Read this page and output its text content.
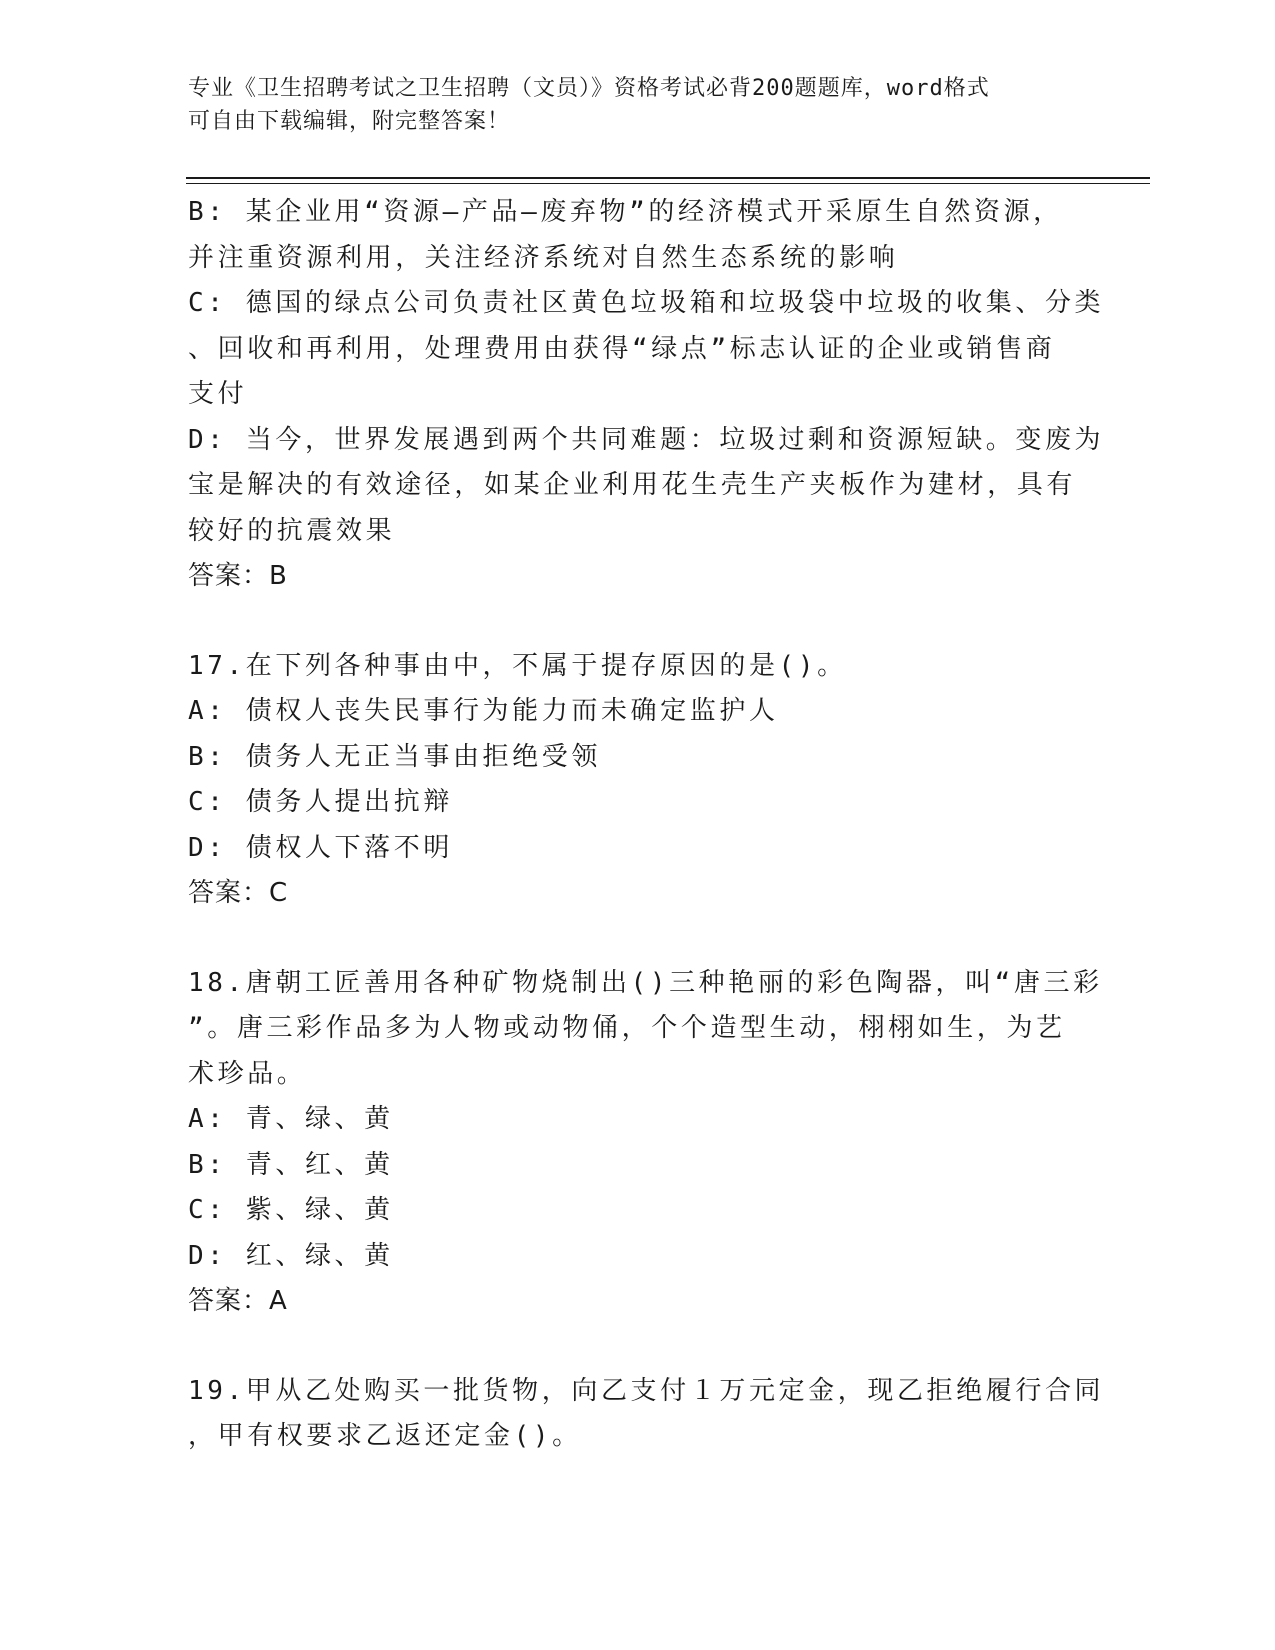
专业《卫生招聘考试之卫生招聘（文员）》资格考试必背200题题库，word格式
可自由下载编辑，附完整答案！
B: 某企业用“资源—产品—废弃物”的经济模式开采原生自然资源，
并注重资源利用，关注经济系统对自然生态系统的影响
C: 德国的绿点公司负责社区黄色垃圾箱和垃圾袋中垃圾的收集、分类
、回收和再利用，处理费用由获得“绿点”标志认证的企业或销售商
支付
D: 当今，世界发展遇到两个共同难题：垃圾过剩和资源短缺。变废为
宝是解决的有效途径，如某企业利用花生壳生产夹板作为建材，具有
较好的抗震效果
答案：B
17.在下列各种事由中，不属于提存原因的是()。
A: 债权人丧失民事行为能力而未确定监护人
B: 债务人无正当事由拒绝受领
C: 债务人提出抗辩
D: 债权人下落不明
答案：C
18.唐朝工匠善用各种矿物烧制出()三种艳丽的彩色陶器，叫“唐三彩
”。唐三彩作品多为人物或动物俑，个个造型生动，栩栩如生，为艺
术珍品。
A: 青、绿、黄
B: 青、红、黄
C: 紫、绿、黄
D: 红、绿、黄
答案：A
19.甲从乙处购买一批货物，向乙支付１万元定金，现乙拒绝履行合同
，甲有权要求乙返还定金()。
